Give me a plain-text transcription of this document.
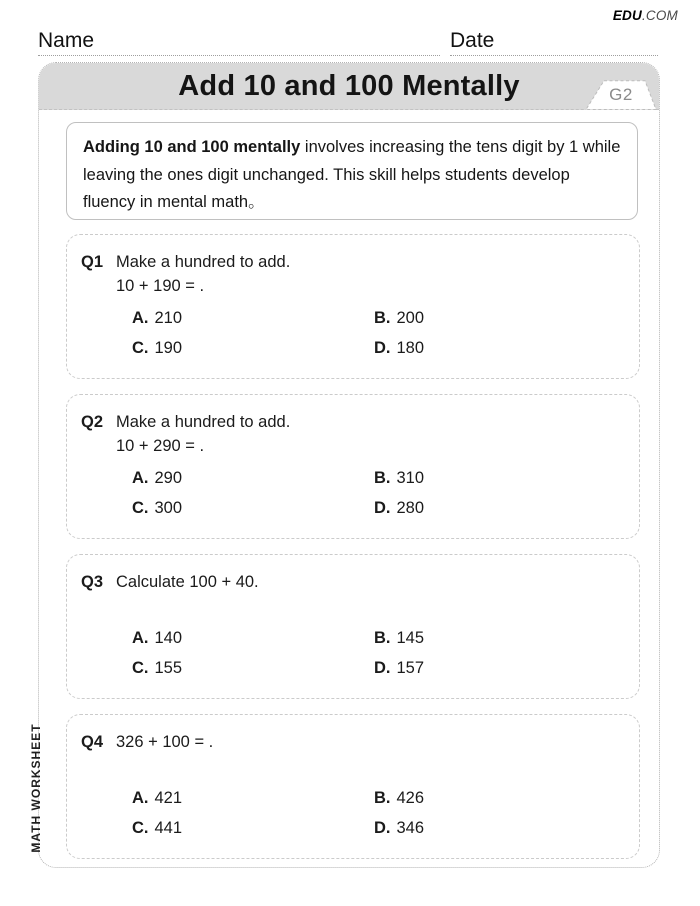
EDU.COM
Name	Date
Add 10 and 100 Mentally	G2
Adding 10 and 100 mentally involves increasing the tens digit by 1 while leaving the ones digit unchanged. This skill helps students develop fluency in mental math。
Q1 Make a hundred to add.
10 + 190 = .
A. 210	B. 200
C. 190	D. 180
Q2 Make a hundred to add.
10 + 290 = .
A. 290	B. 310
C. 300	D. 280
Q3 Calculate 100 + 40.
A. 140	B. 145
C. 155	D. 157
Q4 326 + 100 = .
A. 421	B. 426
C. 441	D. 346
MATH WORKSHEET
